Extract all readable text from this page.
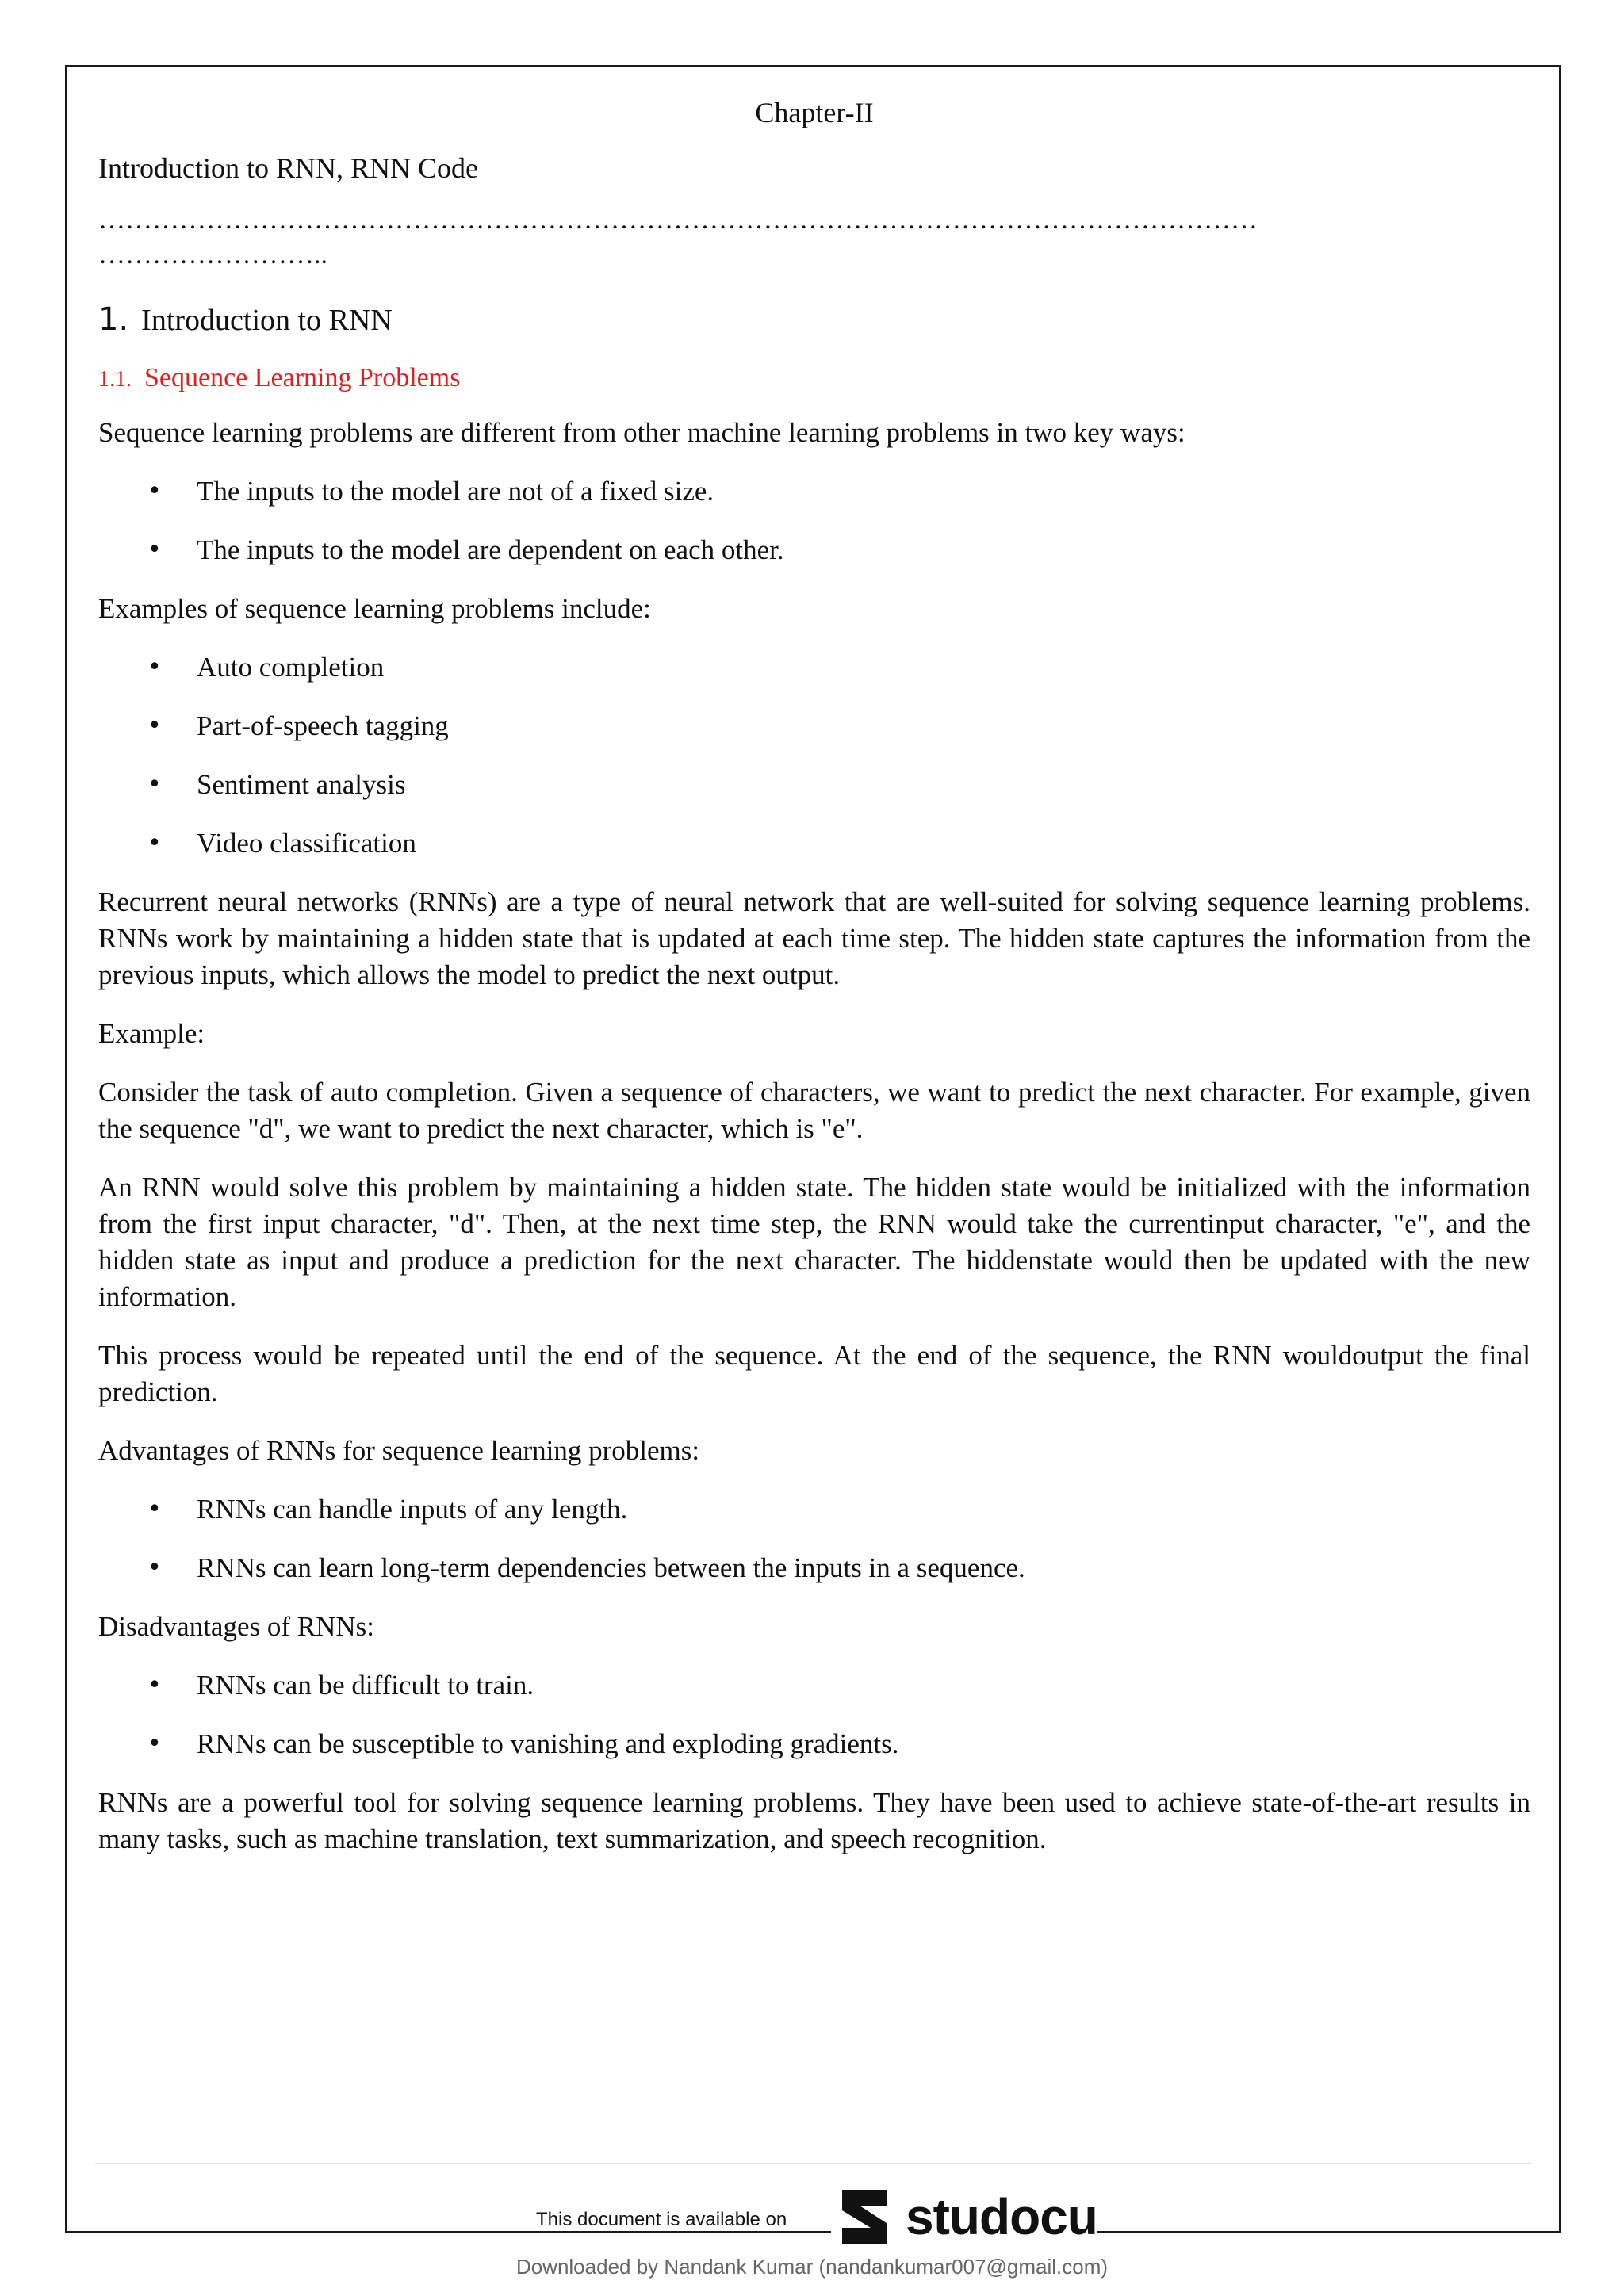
Chapter-II
Introduction to RNN, RNN Code
…………………………………………………………………………………………………………………
……………………..
1. Introduction to RNN
1.1. Sequence Learning Problems

Sequence learning problems are different from other machine learning problems in two key ways:

• The inputs to the model are not of a fixed size.
• The inputs to the model are dependent on each other.

Examples of sequence learning problems include:

• Auto completion
• Part-of-speech tagging
• Sentiment analysis
• Video classification

Recurrent neural networks (RNNs) are a type of neural network that are well-suited for solving sequence learning problems. RNNs work by maintaining a hidden state that is updated at each time step. The hidden state captures the information from the previous inputs, which allows the model to predict the next output.

Example:

Consider the task of auto completion. Given a sequence of characters, we want to predict the next character. For example, given the sequence "d", we want to predict the next character, which is "e".

An RNN would solve this problem by maintaining a hidden state. The hidden state would be initialized with the information from the first input character, "d". Then, at the next time step, the RNN would take the currentinput character, "e", and the hidden state as input and produce a prediction for the next character. The hiddenstate would then be updated with the new information.

This process would be repeated until the end of the sequence. At the end of the sequence, the RNN wouldoutput the final prediction.

Advantages of RNNs for sequence learning problems:

• RNNs can handle inputs of any length.
• RNNs can learn long-term dependencies between the inputs in a sequence.

Disadvantages of RNNs:

• RNNs can be difficult to train.
• RNNs can be susceptible to vanishing and exploding gradients.

RNNs are a powerful tool for solving sequence learning problems. They have been used to achieve state-of-the-art results in many tasks, such as machine translation, text summarization, and speech recognition.

This document is available on studocu
Downloaded by Nandank Kumar (nandankumar007@gmail.com)
